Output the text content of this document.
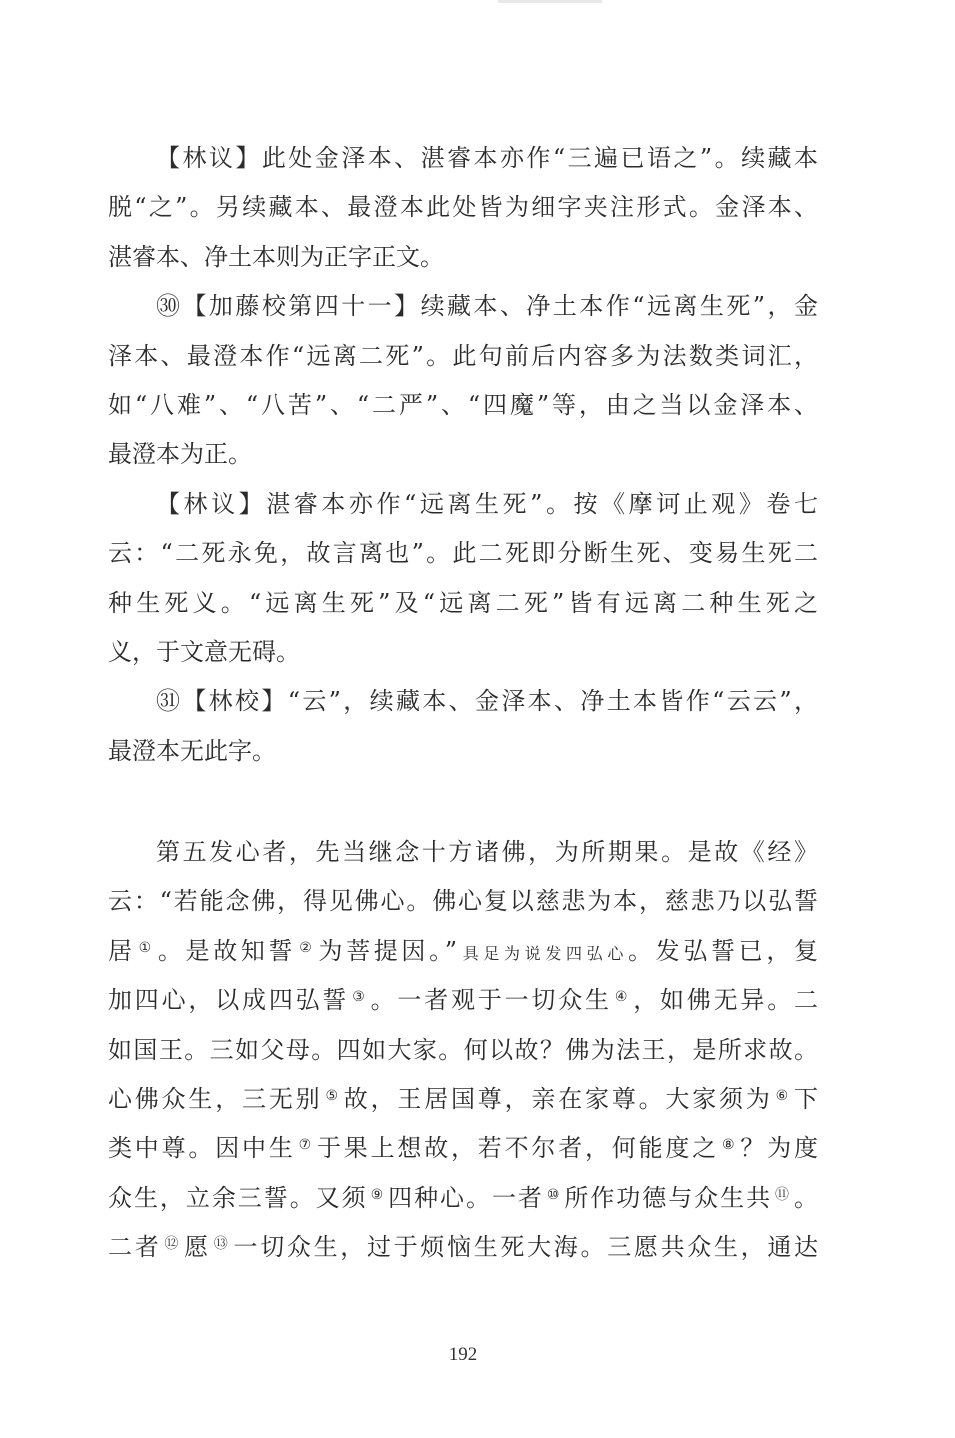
【林议】此处金泽本、湛睿本亦作“三遍已语之”。续藏本
脱“之”。另续藏本、最澄本此处皆为细字夹注形式。金泽本、
湛睿本、净土本则为正字正文。
㉚【加藤校第四十一】续藏本、净土本作“远离生死”，金
泽本、最澄本作“远离二死”。此句前后内容多为法数类词汇，
如“八难”、“八苦”、“二严”、“四魔”等，由之当以金泽本、
最澄本为正。
【林议】湛睿本亦作“远离生死”。按《摩诃止观》卷七
云：“二死永免，故言离也”。此二死即分断生死、变易生死二
种生死义。“远离生死”及“远离二死”皆有远离二种生死之
义，于文意无碍。
㉛【林校】“云”，续藏本、金泽本、净土本皆作“云云”，
最澄本无此字。
第五发心者，先当继念十方诸佛，为所期果。是故《经》
云：“若能念佛，得见佛心。佛心复以慈悲为本，慈悲乃以弘誓
居 ① 。是故知誓 ② 为菩提因。” 具足为说发四弘心。发弘誓已，复
加四心，以成四弘誓 ③ 。一者观于一切众生 ④ ，如佛无异。二
如国王。三如父母。四如大家。何以故？佛为法王，是所求故。
心佛众生，三无别 ⑤ 故，王居国尊，亲在家尊。大家须为 ⑥ 下
类中尊。因中生 ⑦ 于果上想故，若不尔者，何能度之 ⑧ ？为度
众生，立余三誓。又须 ⑨ 四种心。一者 ⑩ 所作功德与众生共 ⑪ 。
二者 ⑫ 愿 ⑬ 一切众生，过于烦恼生死大海。三愿共众生，通达
192
